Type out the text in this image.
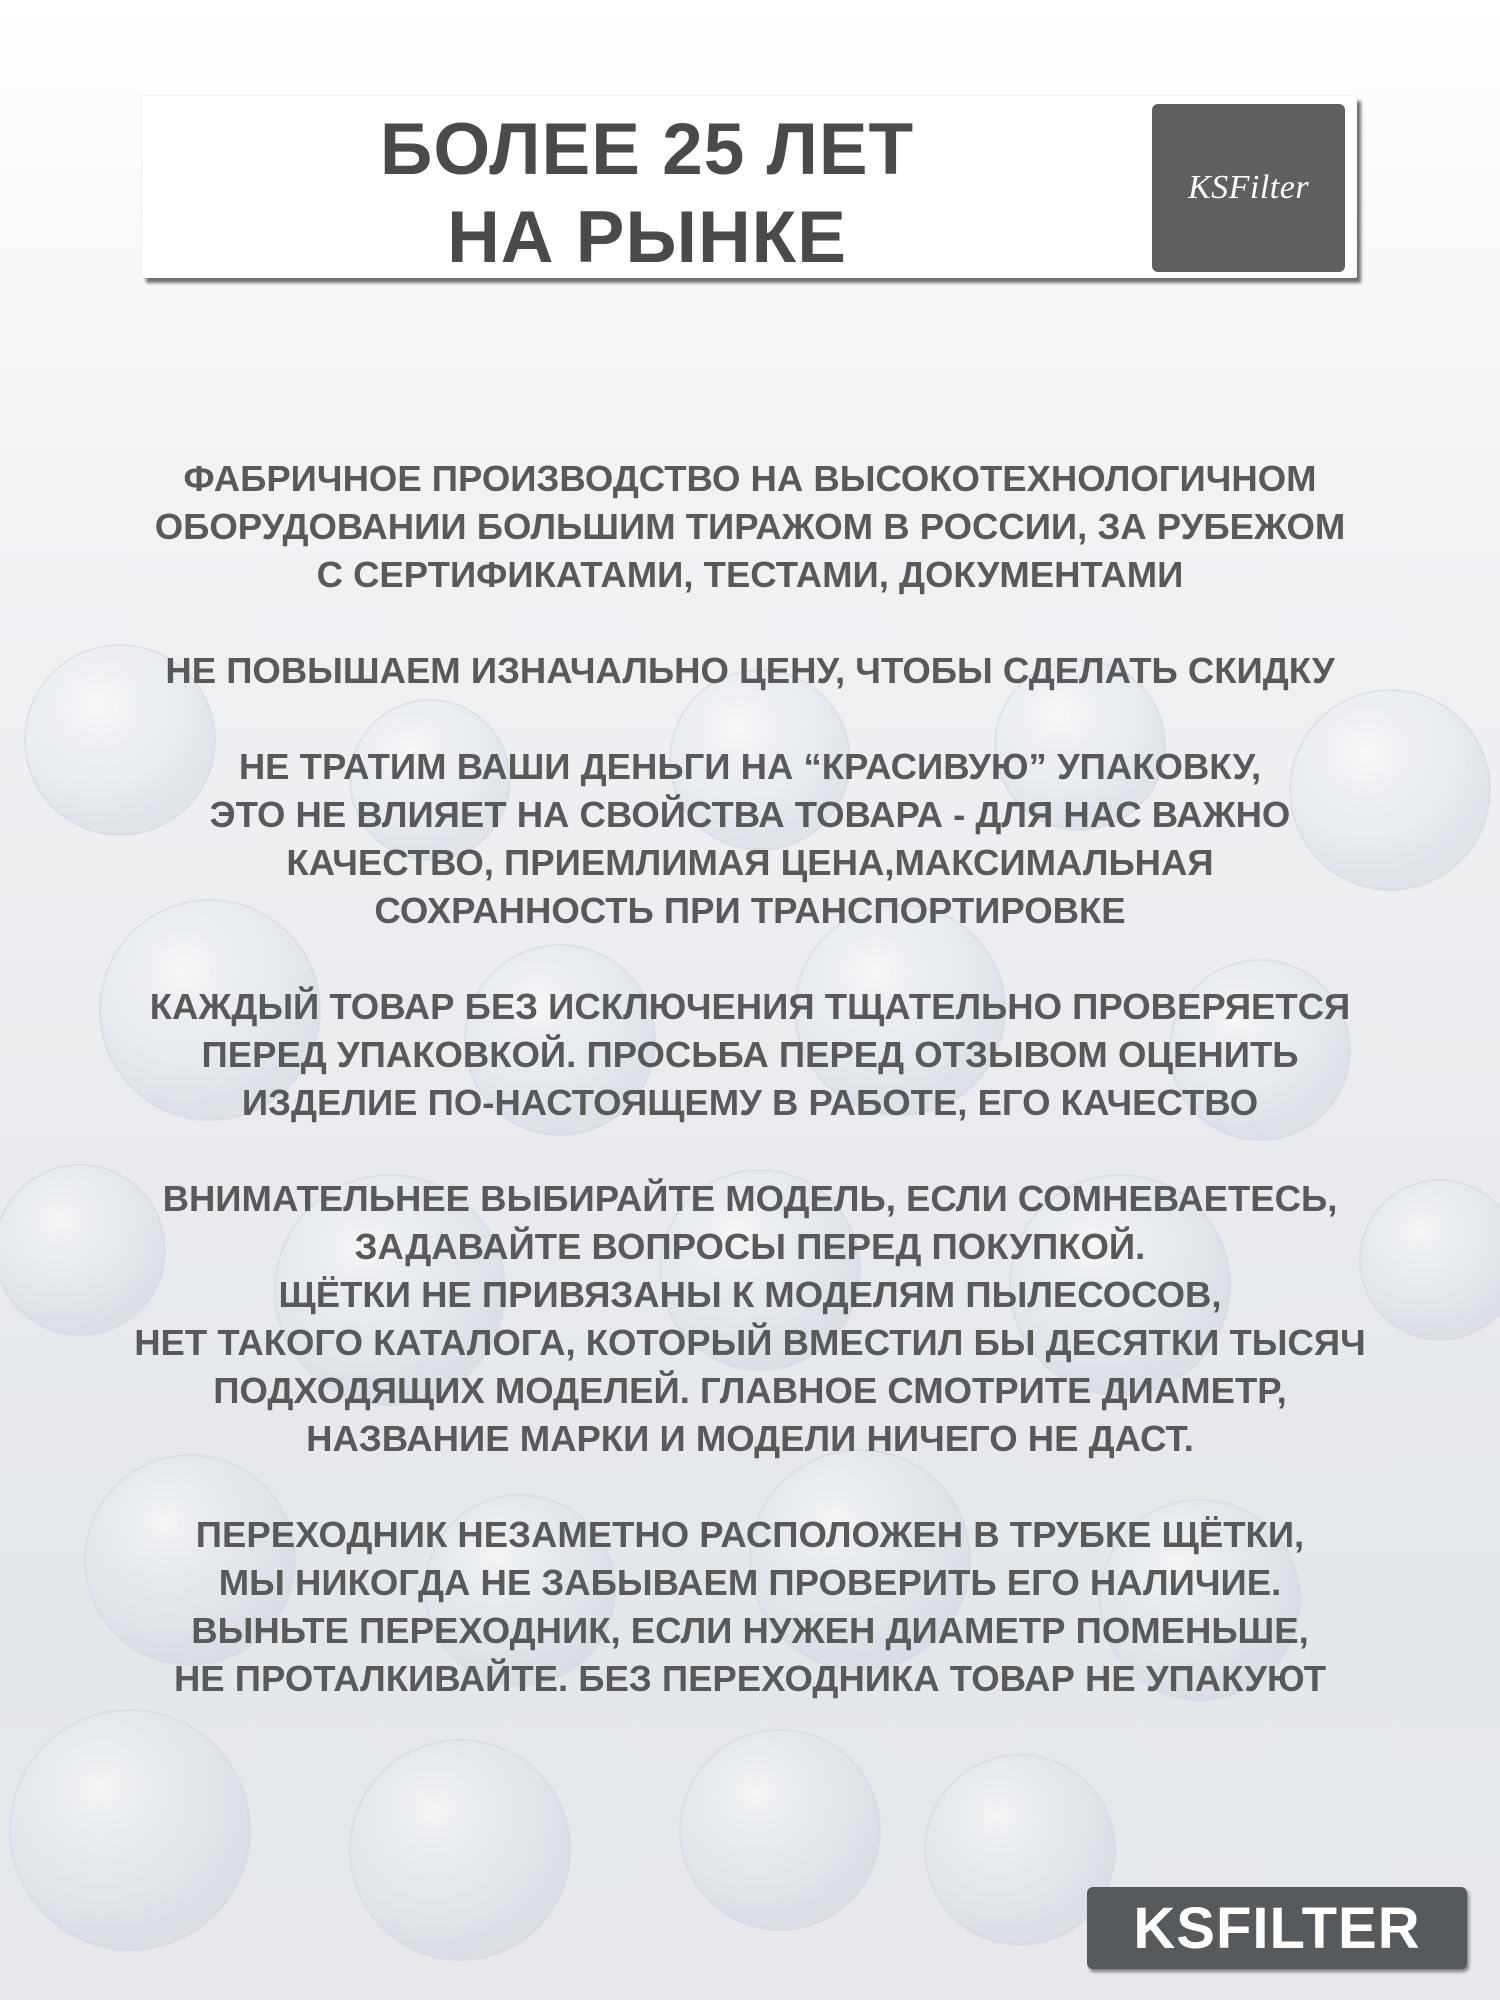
БОЛЕЕ 25 ЛЕТ
НА РЫНКЕ
KSFilter

ФАБРИЧНОЕ ПРОИЗВОДСТВО НА ВЫСОКОТЕХНОЛОГИЧНОМ
ОБОРУДОВАНИИ БОЛЬШИМ ТИРАЖОМ В РОССИИ, ЗА РУБЕЖОМ
С СЕРТИФИКАТАМИ, ТЕСТАМИ, ДОКУМЕНТАМИ

НЕ ПОВЫШАЕМ ИЗНАЧАЛЬНО ЦЕНУ, ЧТОБЫ СДЕЛАТЬ СКИДКУ

НЕ ТРАТИМ ВАШИ ДЕНЬГИ НА “КРАСИВУЮ” УПАКОВКУ,
ЭТО НЕ ВЛИЯЕТ НА СВОЙСТВА ТОВАРА - ДЛЯ НАС ВАЖНО
КАЧЕСТВО, ПРИЕМЛИМАЯ ЦЕНА,МАКСИМАЛЬНАЯ
СОХРАННОСТЬ ПРИ ТРАНСПОРТИРОВКЕ

КАЖДЫЙ ТОВАР БЕЗ ИСКЛЮЧЕНИЯ ТЩАТЕЛЬНО ПРОВЕРЯЕТСЯ
ПЕРЕД УПАКОВКОЙ. ПРОСЬБА ПЕРЕД ОТЗЫВОМ ОЦЕНИТЬ
ИЗДЕЛИЕ ПО-НАСТОЯЩЕМУ В РАБОТЕ, ЕГО КАЧЕСТВО

ВНИМАТЕЛЬНЕЕ ВЫБИРАЙТЕ МОДЕЛЬ, ЕСЛИ СОМНЕВАЕТЕСЬ,
ЗАДАВАЙТЕ ВОПРОСЫ ПЕРЕД ПОКУПКОЙ.
ЩЁТКИ НЕ ПРИВЯЗАНЫ К МОДЕЛЯМ ПЫЛЕСОСОВ,
НЕТ ТАКОГО КАТАЛОГА, КОТОРЫЙ ВМЕСТИЛ БЫ ДЕСЯТКИ ТЫСЯЧ
ПОДХОДЯЩИХ МОДЕЛЕЙ. ГЛАВНОЕ СМОТРИТЕ ДИАМЕТР,
НАЗВАНИЕ МАРКИ И МОДЕЛИ НИЧЕГО НЕ ДАСТ.

ПЕРЕХОДНИК НЕЗАМЕТНО РАСПОЛОЖЕН В ТРУБКЕ ЩЁТКИ,
МЫ НИКОГДА НЕ ЗАБЫВАЕМ ПРОВЕРИТЬ ЕГО НАЛИЧИЕ.
ВЫНЬТЕ ПЕРЕХОДНИК, ЕСЛИ НУЖЕН ДИАМЕТР ПОМЕНЬШЕ,
НЕ ПРОТАЛКИВАЙТЕ. БЕЗ ПЕРЕХОДНИКА ТОВАР НЕ УПАКУЮТ

KSFILTER
